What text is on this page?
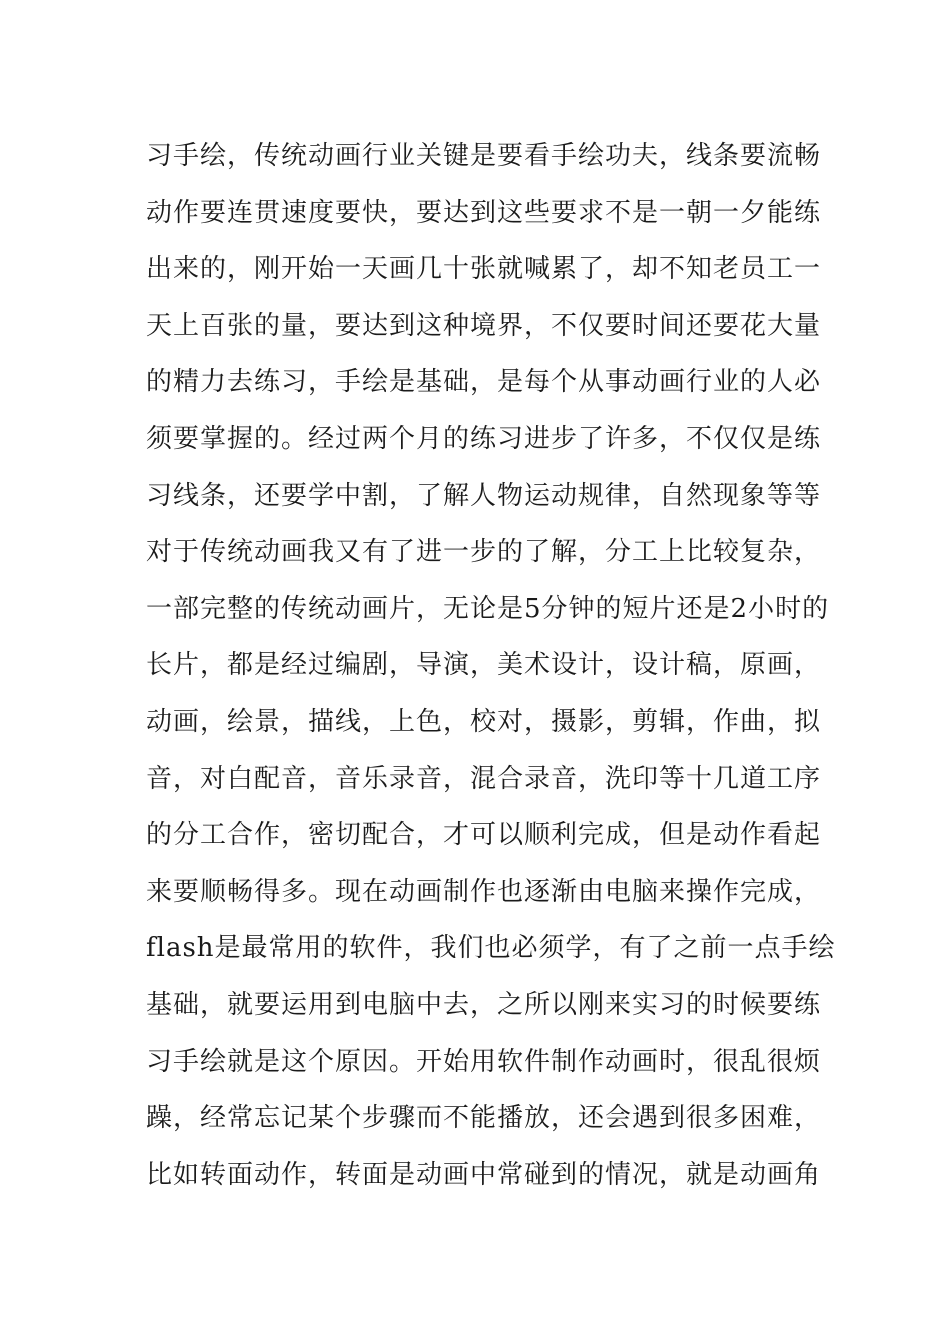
习手绘，传统动画行业关键是要看手绘功夫，线条要流畅
动作要连贯速度要快，要达到这些要求不是一朝一夕能练
出来的，刚开始一天画几十张就喊累了，却不知老员工一
天上百张的量，要达到这种境界，不仅要时间还要花大量
的精力去练习，手绘是基础，是每个从事动画行业的人必
须要掌握的。经过两个月的练习进步了许多，不仅仅是练
习线条，还要学中割，了解人物运动规律，自然现象等等
对于传统动画我又有了进一步的了解，分工上比较复杂，
一部完整的传统动画片，无论是5分钟的短片还是2小时的
长片，都是经过编剧，导演，美术设计，设计稿，原画，
动画，绘景，描线，上色，校对，摄影，剪辑，作曲，拟
音，对白配音，音乐录音，混合录音，洗印等十几道工序
的分工合作，密切配合，才可以顺利完成，但是动作看起
来要顺畅得多。现在动画制作也逐渐由电脑来操作完成，
flash是最常用的软件，我们也必须学，有了之前一点手绘
基础，就要运用到电脑中去，之所以刚来实习的时候要练
习手绘就是这个原因。开始用软件制作动画时，很乱很烦
躁，经常忘记某个步骤而不能播放，还会遇到很多困难，
比如转面动作，转面是动画中常碰到的情况，就是动画角
